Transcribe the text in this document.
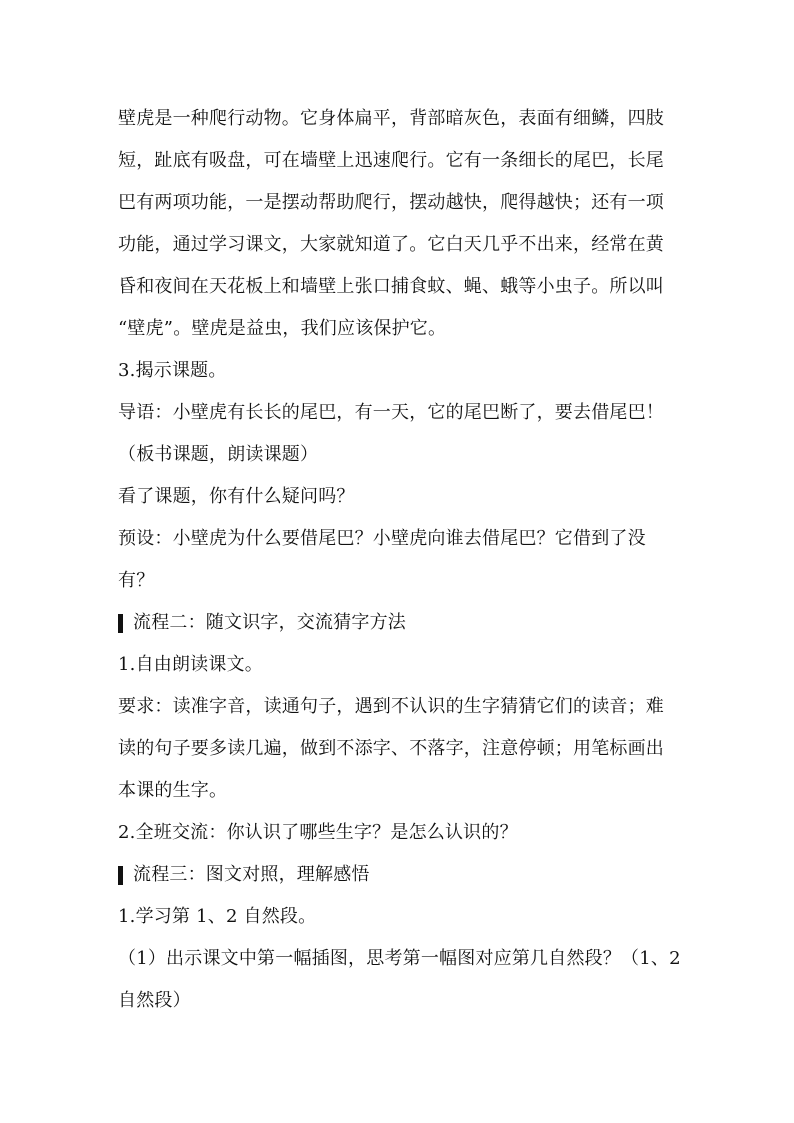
壁虎是一种爬行动物。它身体扁平，背部暗灰色，表面有细鳞，四肢
短，趾底有吸盘，可在墙壁上迅速爬行。它有一条细长的尾巴，长尾
巴有两项功能，一是摆动帮助爬行，摆动越快，爬得越快；还有一项
功能，通过学习课文，大家就知道了。它白天几乎不出来，经常在黄
昏和夜间在天花板上和墙壁上张口捕食蚊、蝇、蛾等小虫子。所以叫
“壁虎”。壁虎是益虫，我们应该保护它。
3.揭示课题。
导语：小壁虎有长长的尾巴，有一天，它的尾巴断了，要去借尾巴！
（板书课题，朗读课题）
看了课题，你有什么疑问吗？
预设：小壁虎为什么要借尾巴？小壁虎向谁去借尾巴？它借到了没
有？
流程二：随文识字，交流猜字方法
1.自由朗读课文。
要求：读准字音，读通句子，遇到不认识的生字猜猜它们的读音；难
读的句子要多读几遍，做到不添字、不落字，注意停顿；用笔标画出
本课的生字。
2.全班交流：你认识了哪些生字？是怎么认识的？
流程三：图文对照，理解感悟
1.学习第 1、2 自然段。
（1）出示课文中第一幅插图，思考第一幅图对应第几自然段？（1、2
自然段）
